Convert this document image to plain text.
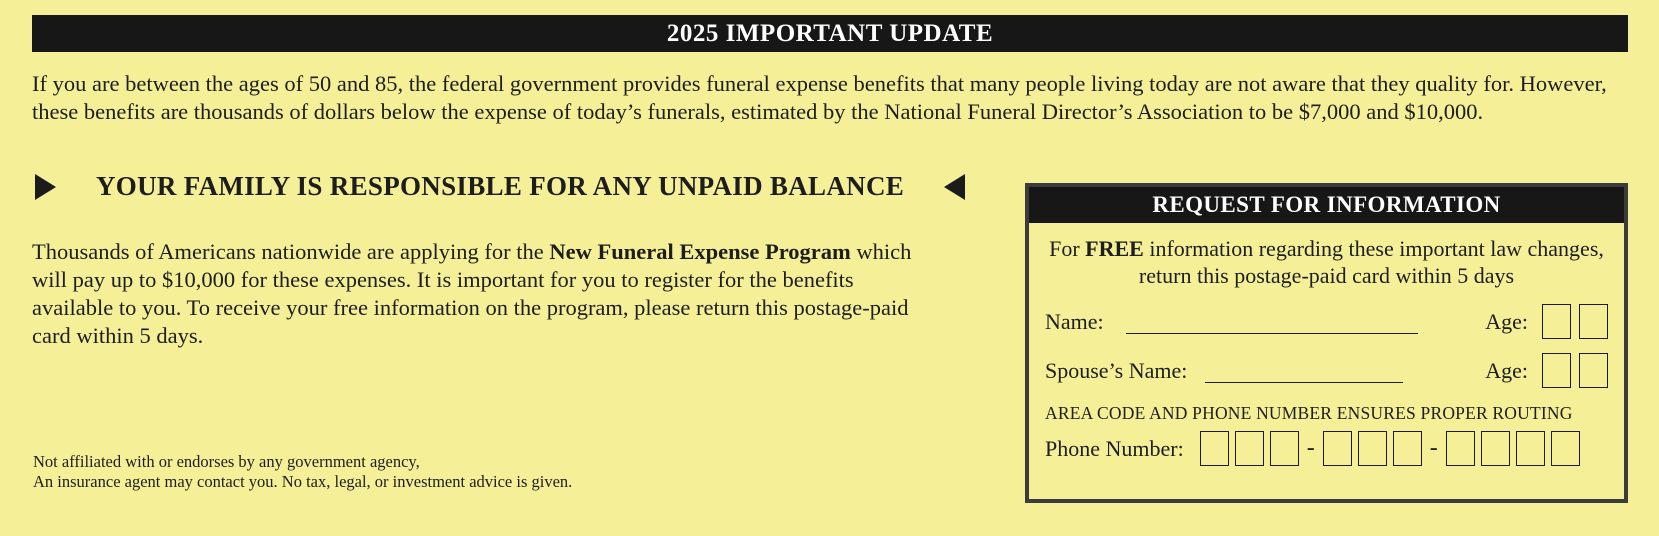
2025 IMPORTANT UPDATE

If you are between the ages of 50 and 85, the federal government provides funeral expense benefits that many people living today are not aware that they quality for. However, these benefits are thousands of dollars below the expense of today’s funerals, estimated by the National Funeral Director’s Association to be $7,000 and $10,000.

YOUR FAMILY IS RESPONSIBLE FOR ANY UNPAID BALANCE

Thousands of Americans nationwide are applying for the New Funeral Expense Program which will pay up to $10,000 for these expenses. It is important for you to register for the benefits available to you. To receive your free information on the program, please return this postage-paid card within 5 days.

Not affiliated with or endorses by any government agency,
An insurance agent may contact you. No tax, legal, or investment advice is given.

REQUEST FOR INFORMATION

For FREE information regarding these important law changes, return this postage-paid card within 5 days

Name:	Age:
Spouse’s Name:	Age:

AREA CODE AND PHONE NUMBER ENSURES PROPER ROUTING

Phone Number:	-	-
